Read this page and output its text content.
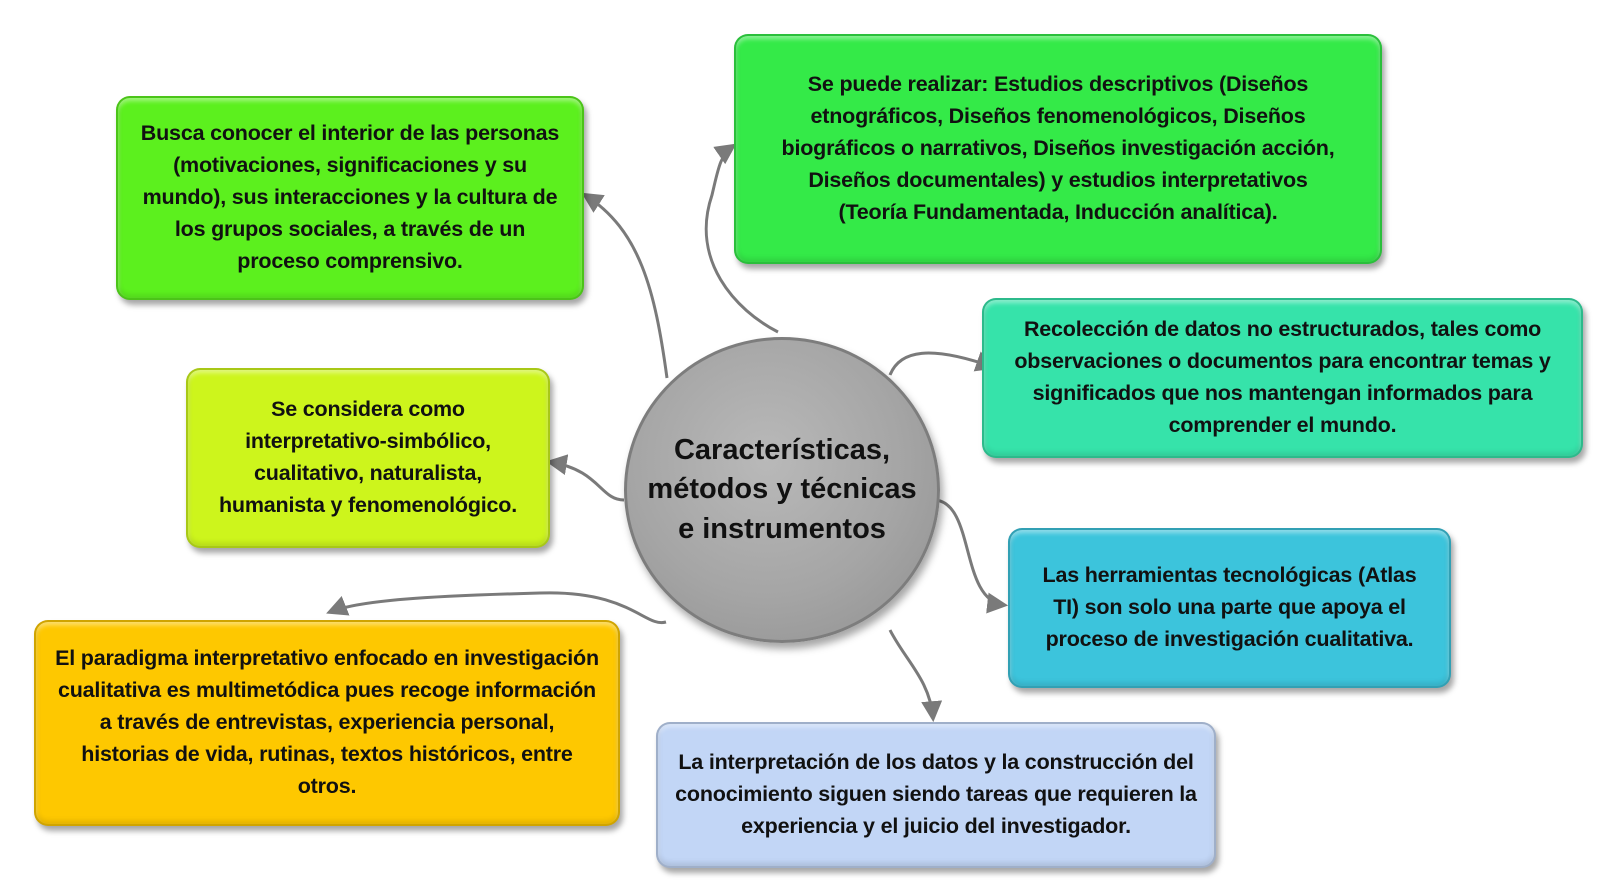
Características, métodos y técnicas e instrumentos
Busca conocer el interior de las personas (motivaciones, significaciones y su mundo), sus interacciones y la cultura de los grupos sociales, a través de un proceso comprensivo.
Se puede realizar: Estudios descriptivos (Diseños etnográficos, Diseños fenomenológicos, Diseños biográficos o narrativos, Diseños investigación acción, Diseños documentales) y estudios interpretativos (Teoría Fundamentada, Inducción analítica).
Recolección de datos no estructurados, tales como observaciones o documentos para encontrar temas y significados que nos mantengan informados para comprender el mundo.
Se considera como interpretativo-simbólico, cualitativo, naturalista, humanista y fenomenológico.
Las herramientas tecnológicas (Atlas TI) son solo una parte que apoya el proceso de investigación cualitativa.
El paradigma interpretativo enfocado en investigación cualitativa es multimetódica pues recoge información a través de entrevistas, experiencia personal, historias de vida, rutinas, textos históricos, entre otros.
La interpretación de los datos y la construcción del conocimiento siguen siendo tareas que requieren la experiencia y el juicio del investigador.
